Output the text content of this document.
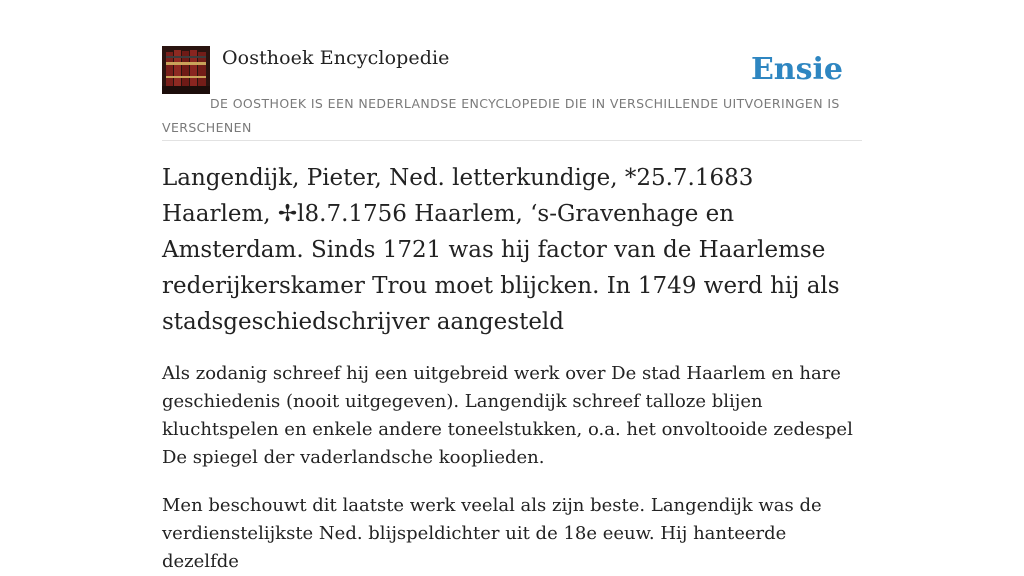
Oosthoek Encyclopedie	Ensie
DE OOSTHOEK IS EEN NEDERLANDSE ENCYCLOPEDIE DIE IN VERSCHILLENDE UITVOERINGEN IS VERSCHENEN

Langendijk, Pieter, Ned. letterkundige, *25.7.1683 Haarlem, ✢l8.7.1756 Haarlem, ‘s-Gravenhage en Amsterdam. Sinds 1721 was hij factor van de Haarlemse rederijkerskamer Trou moet blijcken. In 1749 werd hij als stadsgeschiedschrijver aangesteld

Als zodanig schreef hij een uitgebreid werk over De stad Haarlem en hare geschiedenis (nooit uitgegeven). Langendijk schreef talloze blijen kluchtspelen en enkele andere toneelstukken, o.a. het onvoltooide zedespel De spiegel der vaderlandsche kooplieden.

Men beschouwt dit laatste werk veelal als zijn beste. Langendijk was de verdienstelijkste Ned. blijspeldichter uit de 18e eeuw. Hij hanteerde dezelfde
